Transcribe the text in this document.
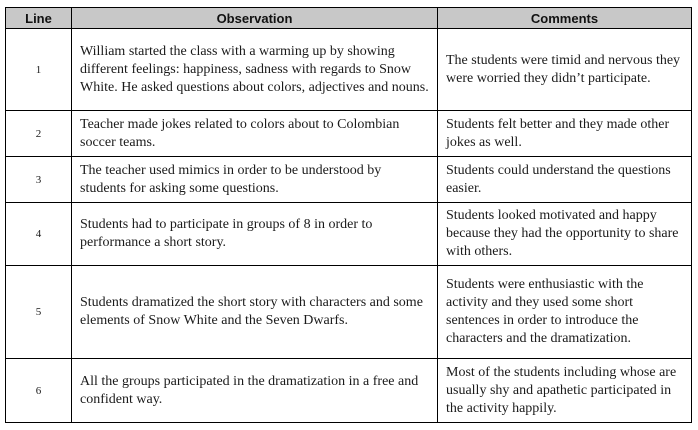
Line	Observation	Comments
1	William started the class with a warming up by showing different feelings: happiness, sadness with regards to Snow White. He asked questions about colors, adjectives and nouns.	The students were timid and nervous they were worried they didn’t participate.
2	Teacher made jokes related to colors about to Colombian soccer teams.	Students felt better and they made other jokes as well.
3	The teacher used mimics in order to be understood by students for asking some questions.	Students could understand the questions easier.
4	Students had to participate in groups of 8 in order to performance a short story.	Students looked motivated and happy because they had the opportunity to share with others.
5	Students dramatized the short story with characters and some elements of Snow White and the Seven Dwarfs.	Students were enthusiastic with the activity and they used some short sentences in order to introduce the characters and the dramatization.
6	All the groups participated in the dramatization in a free and confident way.	Most of the students including whose are usually shy and apathetic participated in the activity happily.
